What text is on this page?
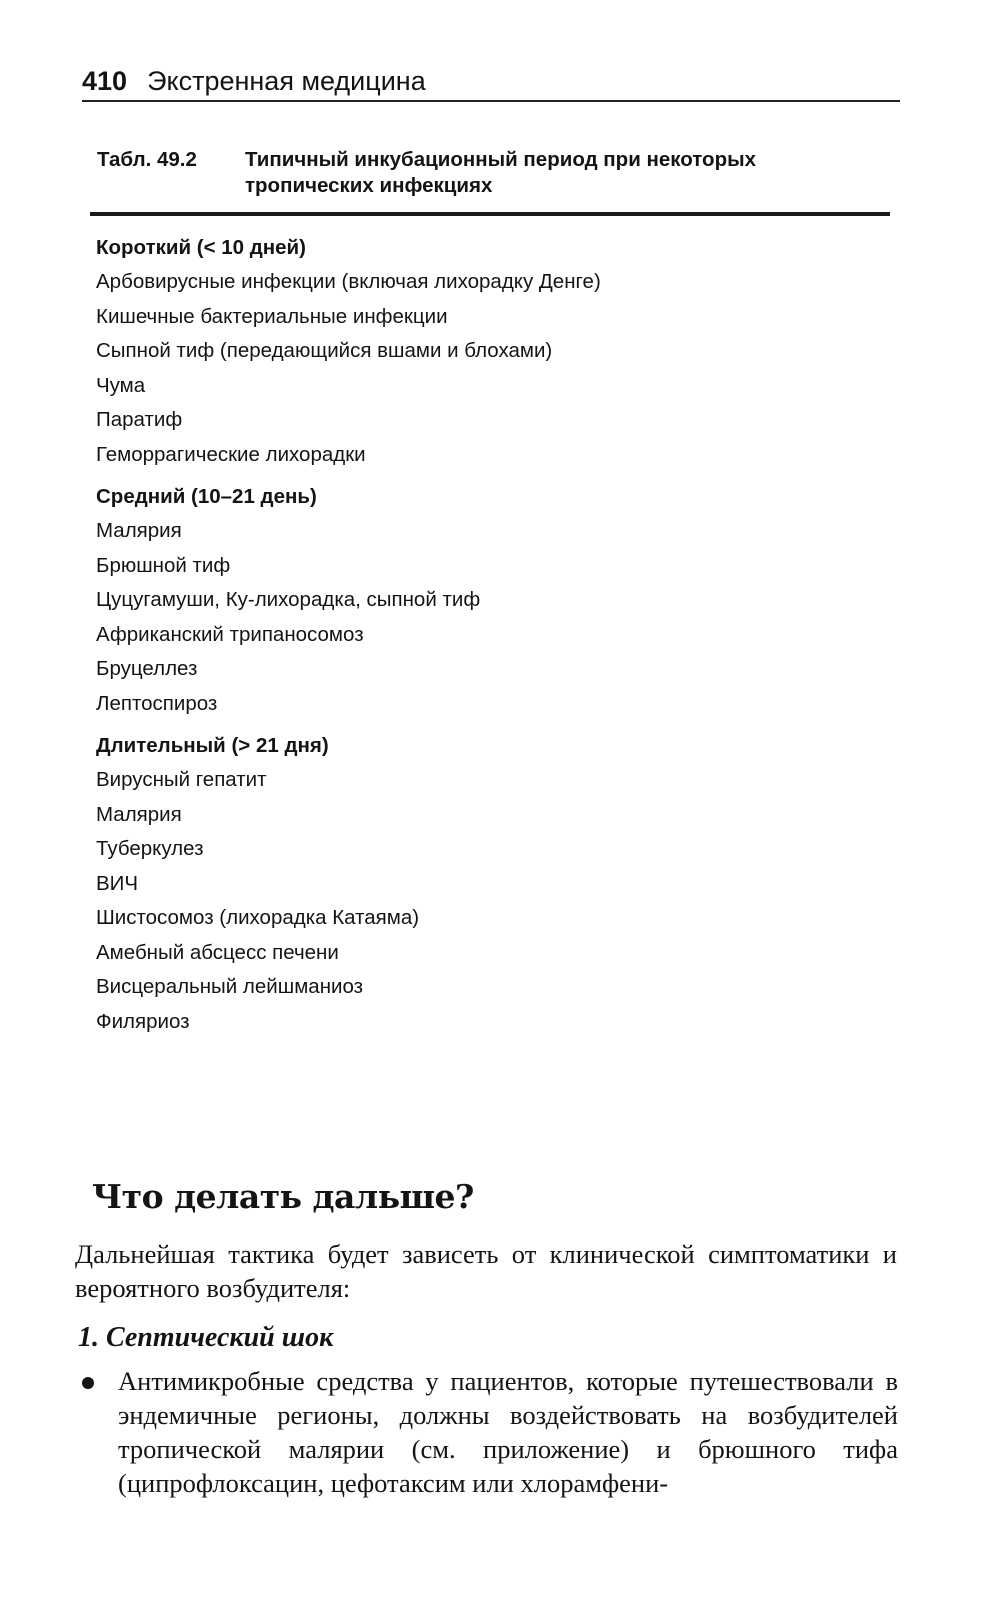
410 Экстренная медицина
Табл. 49.2	Типичный инкубационный период при некоторых тропических инфекциях
Короткий (< 10 дней)
Арбовирусные инфекции (включая лихорадку Денге)
Кишечные бактериальные инфекции
Сыпной тиф (передающийся вшами и блохами)
Чума
Паратиф
Геморрагические лихорадки
Средний (10–21 день)
Малярия
Брюшной тиф
Цуцугамуши, Ку-лихорадка, сыпной тиф
Африканский трипаносомоз
Бруцеллез
Лептоспироз
Длительный (> 21 дня)
Вирусный гепатит
Малярия
Туберкулез
ВИЧ
Шистосомоз (лихорадка Катаяма)
Амебный абсцесс печени
Висцеральный лейшманиоз
Филяриоз
Что делать дальше?
Дальнейшая тактика будет зависеть от клинической симптоматики и вероятного возбудителя:
1. Септический шок
Антимикробные средства у пациентов, которые путешествовали в эндемичные регионы, должны воздействовать на возбудителей тропической малярии (см. приложение) и брюшного тифа (ципрофлоксацин, цефотаксим или хлорамфени-
